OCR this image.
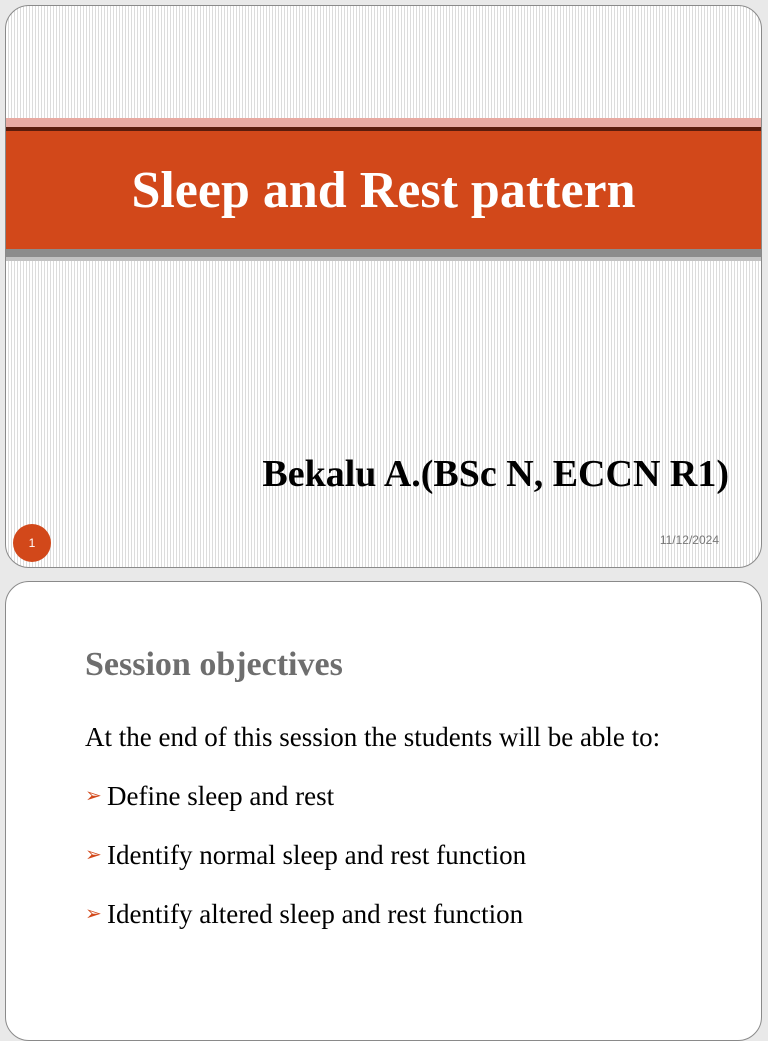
Sleep and Rest pattern

Bekalu A.(BSc N, ECCN R1)

1	11/12/2024
Session objectives

At the end of this session the students will be able to:

➢ Define sleep and rest
➢ Identify normal sleep and rest function
➢ Identify altered sleep and rest function
